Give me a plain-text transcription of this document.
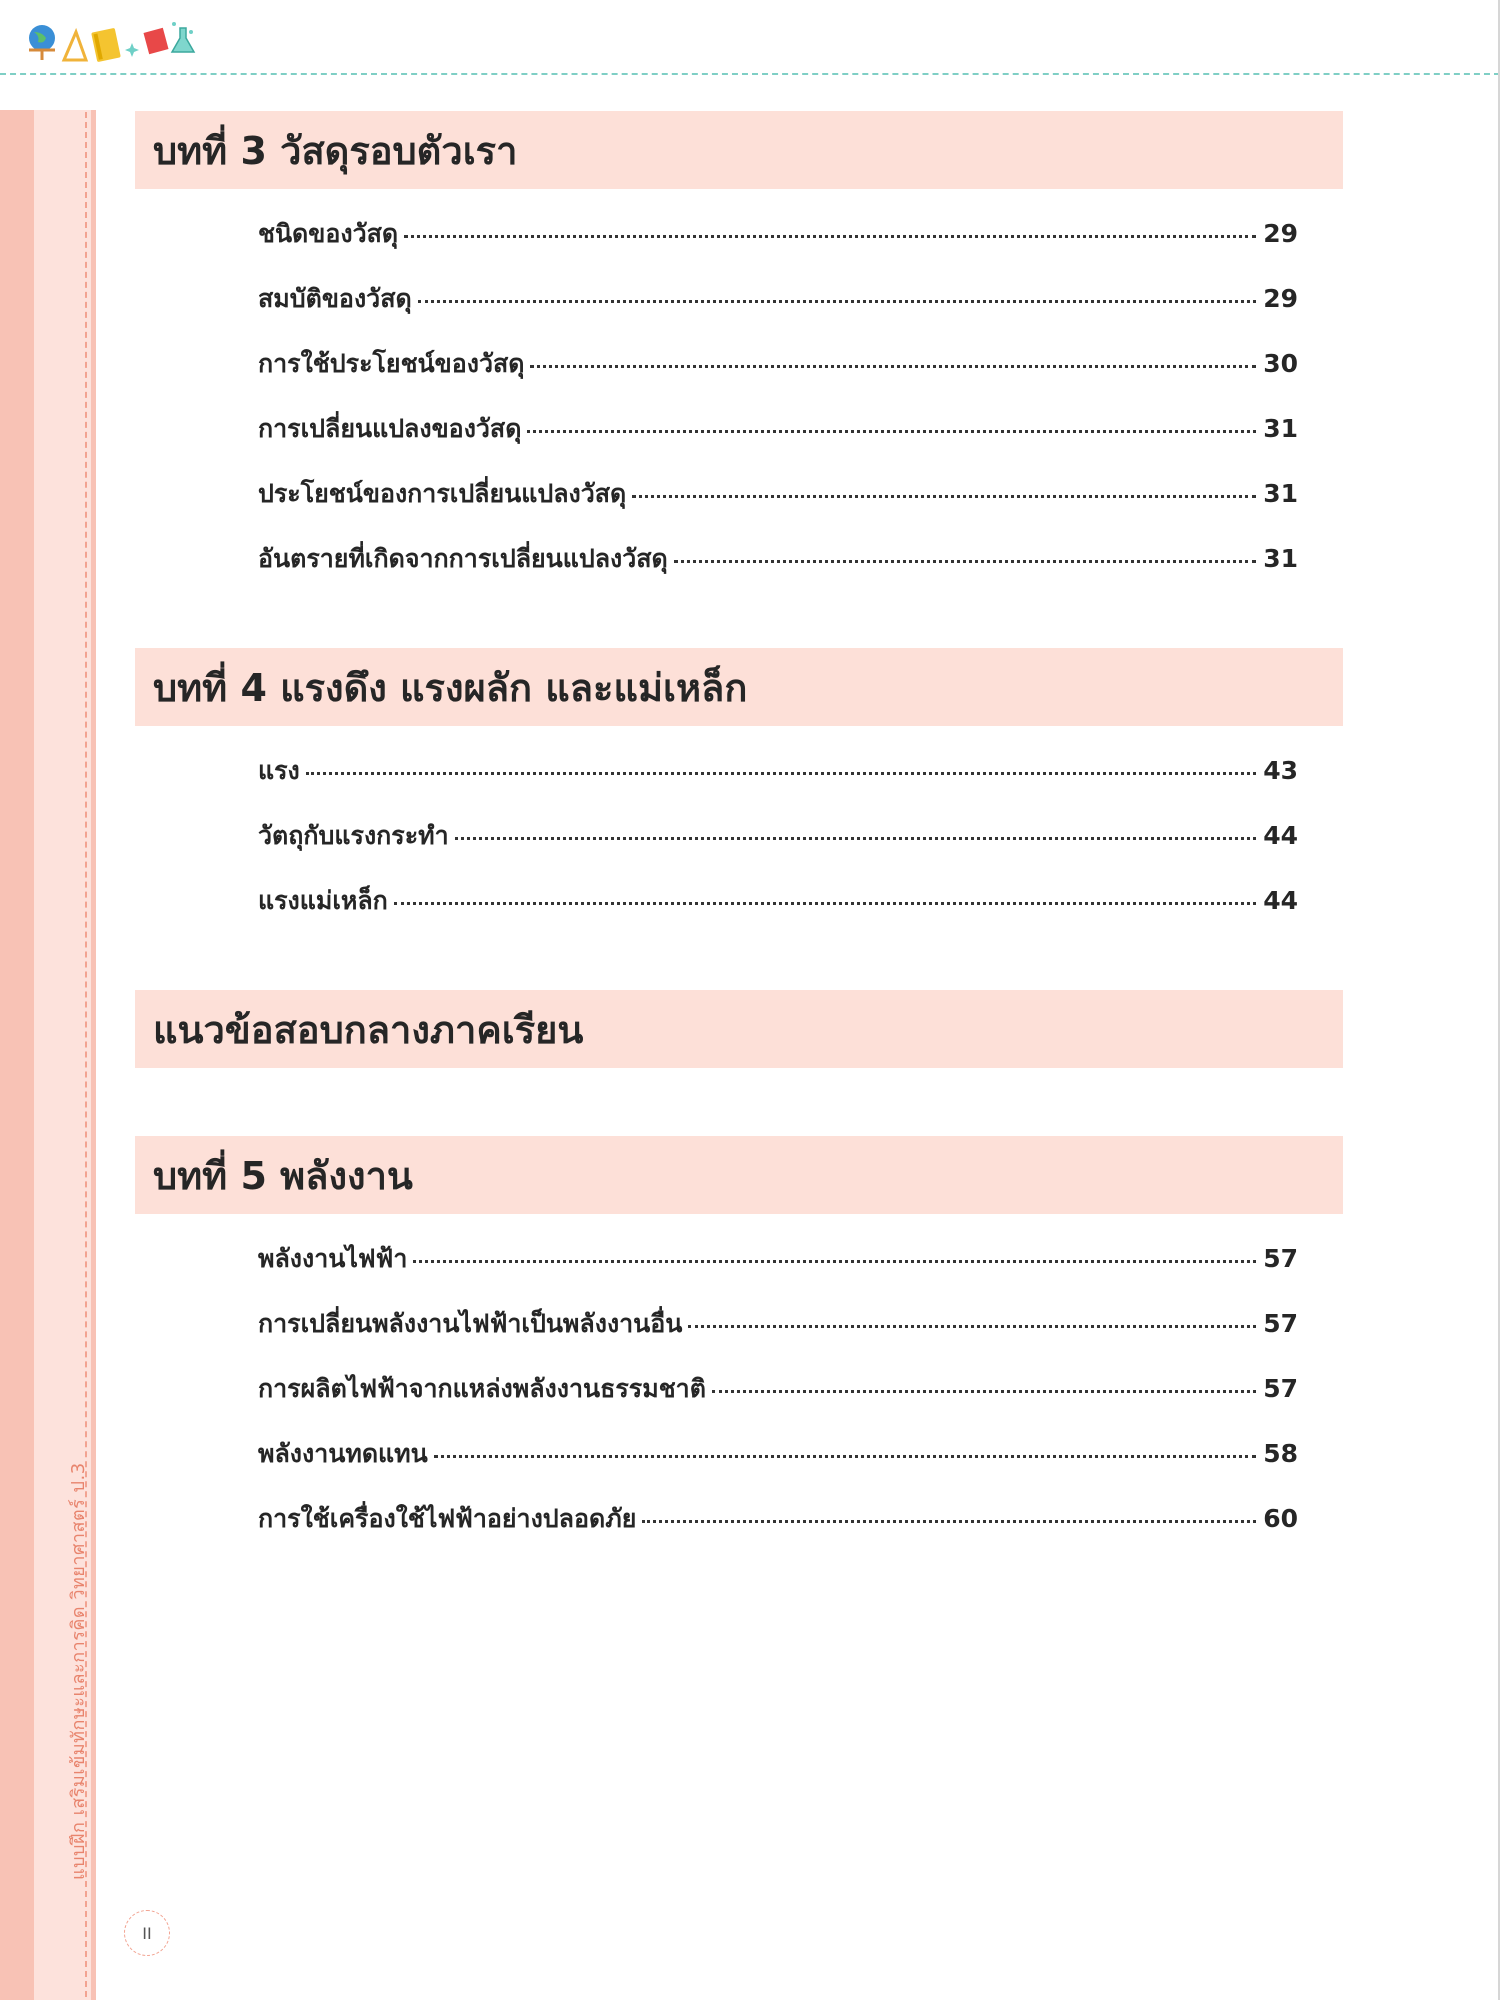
แบบฝึก เสริมเข้มทักษะและการคิด วิทยาศาสตร์ ป.3
บทที่ 3 วัสดุรอบตัวเรา
ชนิดของวัสดุ	29
สมบัติของวัสดุ	29
การใช้ประโยชน์ของวัสดุ	30
การเปลี่ยนแปลงของวัสดุ	31
ประโยชน์ของการเปลี่ยนแปลงวัสดุ	31
อันตรายที่เกิดจากการเปลี่ยนแปลงวัสดุ	31
บทที่ 4 แรงดึง แรงผลัก และแม่เหล็ก
แรง	43
วัตถุกับแรงกระทำ	44
แรงแม่เหล็ก	44
แนวข้อสอบกลางภาคเรียน
บทที่ 5 พลังงาน
พลังงานไฟฟ้า	57
การเปลี่ยนพลังงานไฟฟ้าเป็นพลังงานอื่น	57
การผลิตไฟฟ้าจากแหล่งพลังงานธรรมชาติ	57
พลังงานทดแทน	58
การใช้เครื่องใช้ไฟฟ้าอย่างปลอดภัย	60
II
